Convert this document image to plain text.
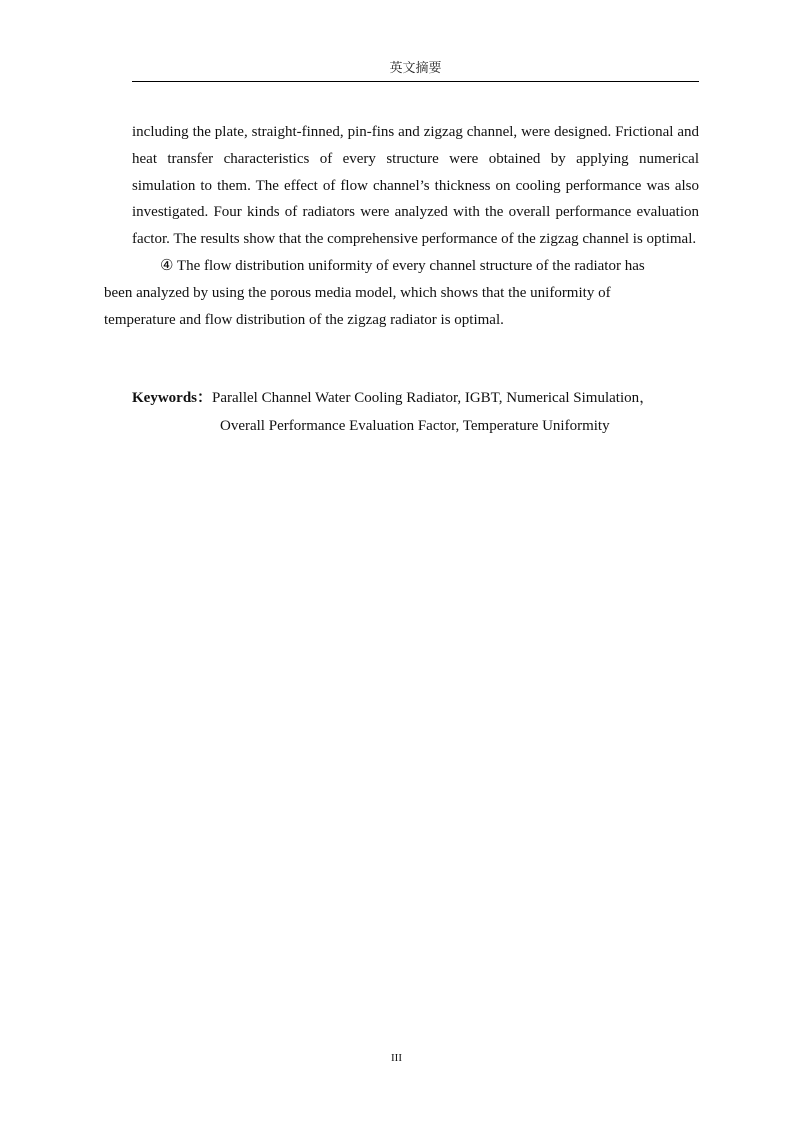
英文摘要

including the plate, straight-finned, pin-fins and zigzag channel, were designed. Frictional and heat transfer characteristics of every structure were obtained by applying numerical simulation to them. The effect of flow channel’s thickness on cooling performance was also investigated. Four kinds of radiators were analyzed with the overall performance evaluation factor. The results show that the comprehensive performance of the zigzag channel is optimal.

④ The flow distribution uniformity of every channel structure of the radiator has
been analyzed by using the porous media model, which shows that the uniformity of
temperature and flow distribution of the zigzag radiator is optimal.

Keywords：Parallel Channel Water Cooling Radiator, IGBT, Numerical Simulation，
Overall Performance Evaluation Factor, Temperature Uniformity
III
